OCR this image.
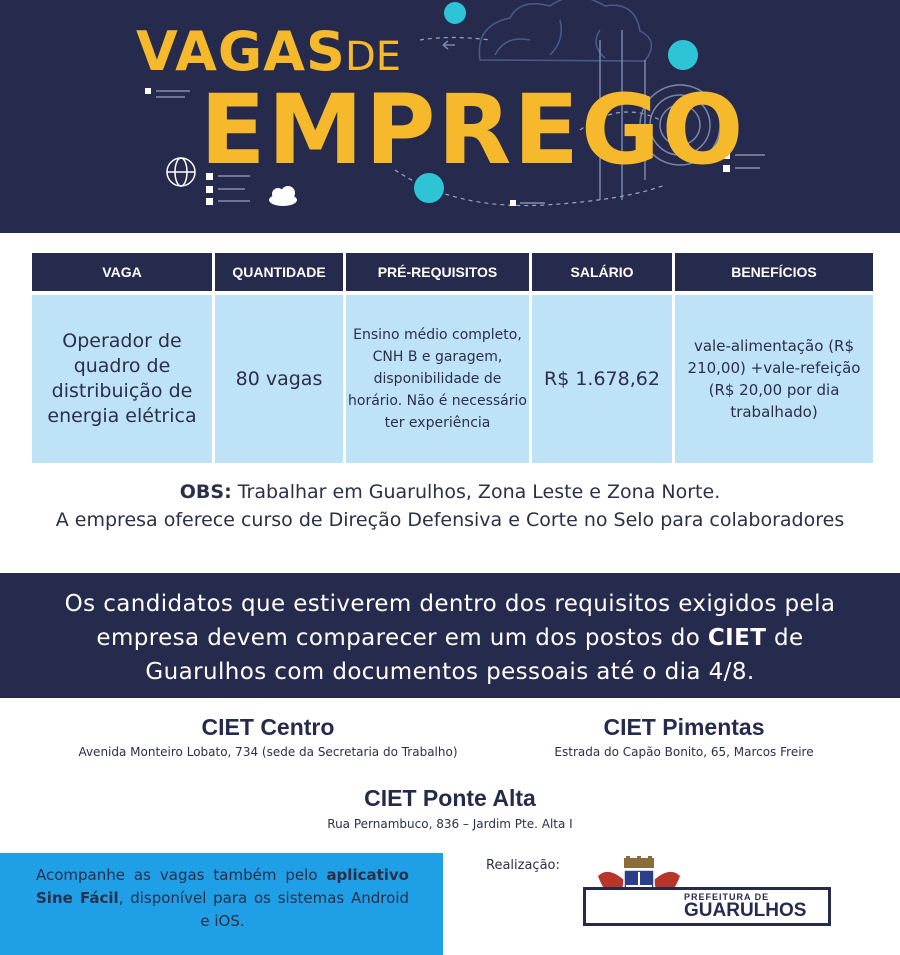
VAGAS DE
EMPREGO
VAGA	QUANTIDADE	PRÉ-REQUISITOS	SALÁRIO	BENEFÍCIOS
Operador de quadro de distribuição de energia elétrica	80 vagas	Ensino médio completo, CNH B e garagem, disponibilidade de horário. Não é necessário ter experiência	R$ 1.678,62	vale-alimentação (R$ 210,00) +vale-refeição (R$ 20,00 por dia trabalhado)
OBS: Trabalhar em Guarulhos, Zona Leste e Zona Norte.
A empresa oferece curso de Direção Defensiva e Corte no Selo para colaboradores

Os candidatos que estiverem dentro dos requisitos exigidos pela empresa devem comparecer em um dos postos do CIET de Guarulhos com documentos pessoais até o dia 4/8.

CIET Centro
Avenida Monteiro Lobato, 734 (sede da Secretaria do Trabalho)
CIET Pimentas
Estrada do Capão Bonito, 65, Marcos Freire
CIET Ponte Alta
Rua Pernambuco, 836 – Jardim Pte. Alta I

Acompanhe as vagas também pelo aplicativo Sine Fácil, disponível para os sistemas Android e iOS.

Realização:
PREFEITURA DE
GUARULHOS
